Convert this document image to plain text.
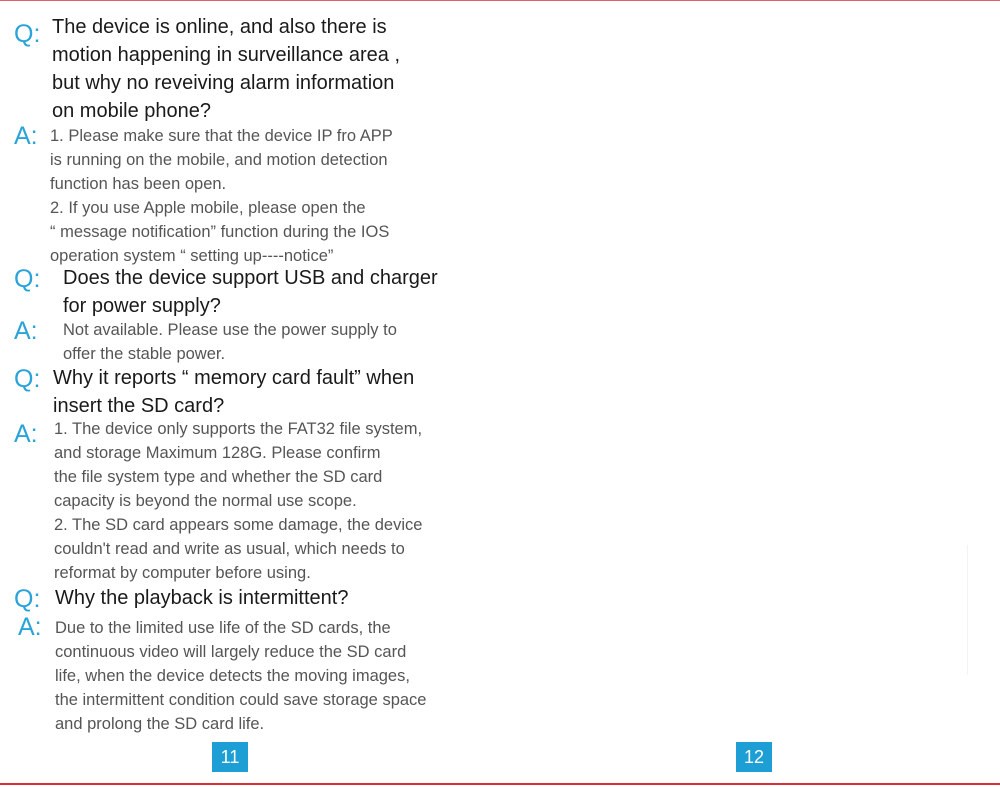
Q: The device is online, and also there is
motion happening in surveillance area ,
but why no reveiving alarm information
on mobile phone?
A: 1. Please make sure that the device IP fro APP
is running on the mobile, and motion detection
function has been open.
2. If you use Apple mobile, please open the
“ message notification” function during the IOS
operation system “ setting up----notice”
Q: Does the device support USB and charger
for power supply?
A: Not available. Please use the power supply to
offer the stable power.
Q: Why it reports “ memory card fault” when
insert the SD card?
A: 1. The device only supports the FAT32 file system,
and storage Maximum 128G. Please confirm
the file system type and whether the SD card
capacity is beyond the normal use scope.
2. The SD card appears some damage, the device
couldn't read and write as usual, which needs to
reformat by computer before using.
Q: Why the playback is intermittent?
A: Due to the limited use life of the SD cards, the
continuous video will largely reduce the SD card
life, when the device detects the moving images,
the intermittent condition could save storage space
and prolong the SD card life.
11	12
